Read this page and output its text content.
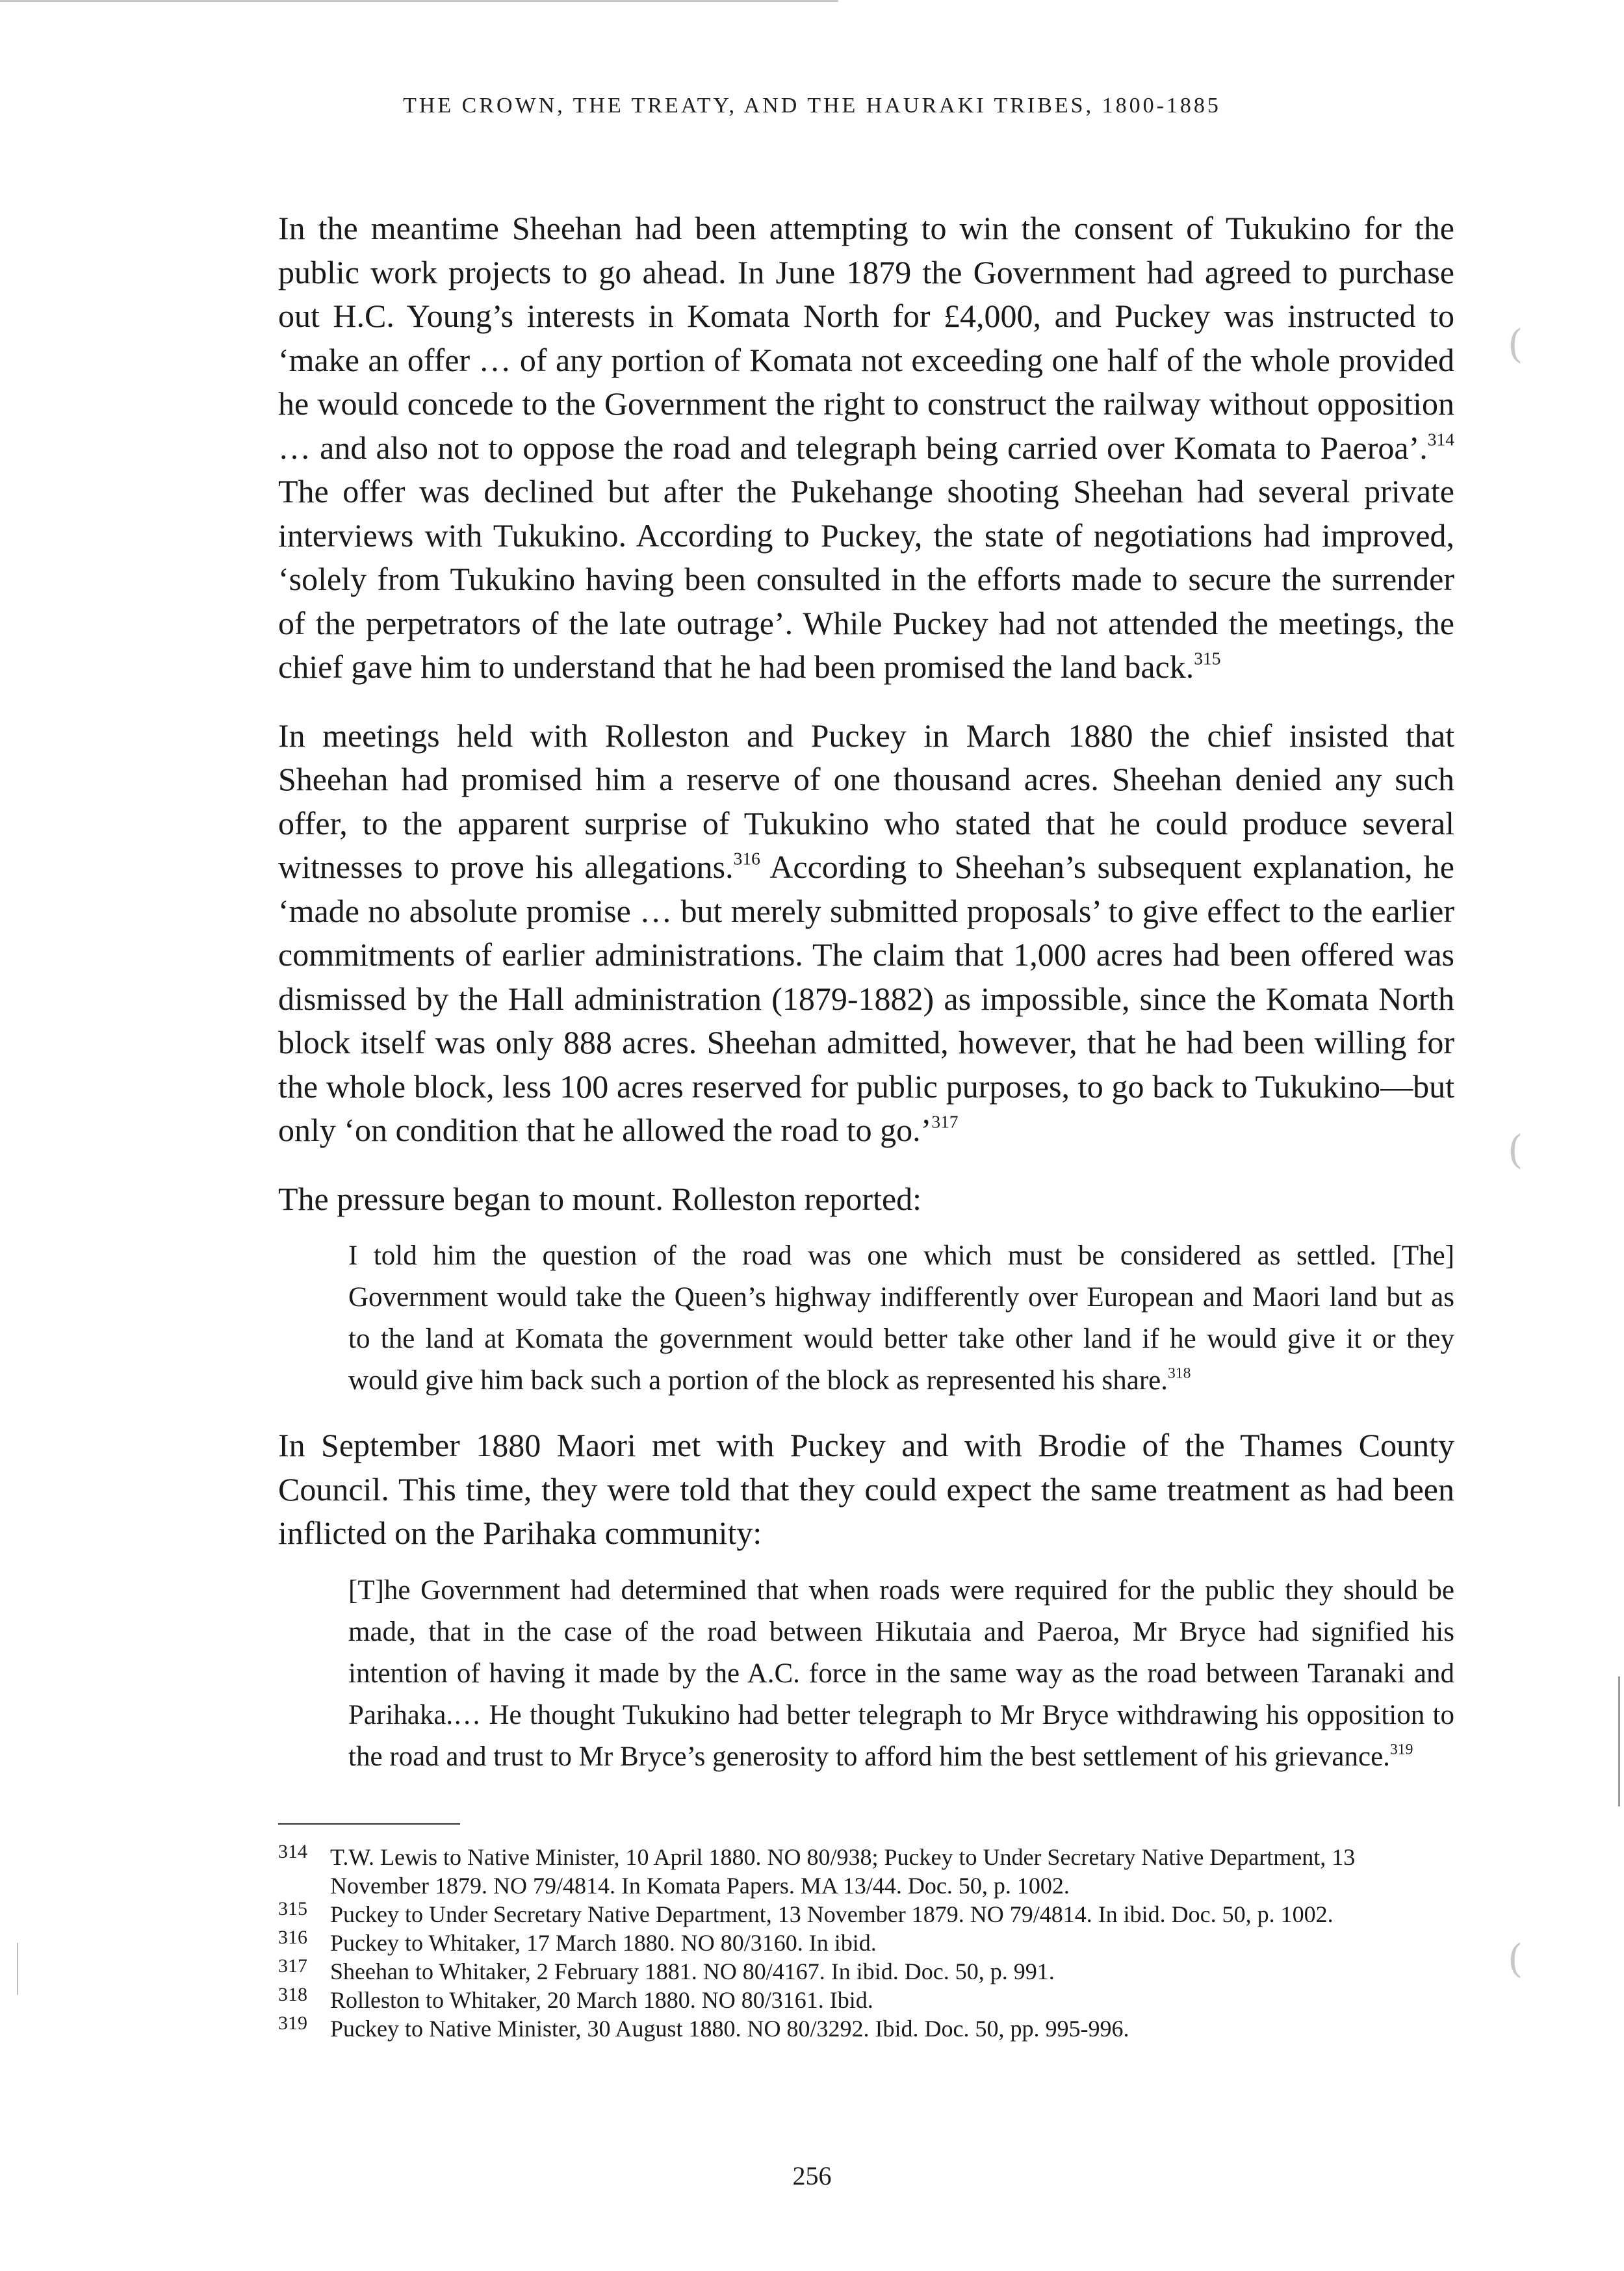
THE CROWN, THE TREATY, AND THE HAURAKI TRIBES, 1800-1885

In the meantime Sheehan had been attempting to win the consent of Tukukino for the public work projects to go ahead. In June 1879 the Government had agreed to purchase out H.C. Young’s interests in Komata North for £4,000, and Puckey was instructed to ‘make an offer … of any portion of Komata not exceeding one half of the whole provided he would concede to the Government the right to construct the railway without opposition … and also not to oppose the road and telegraph being carried over Komata to Paeroa’.$^{314}$ The offer was declined but after the Pukehange shooting Sheehan had several private interviews with Tukukino. According to Puckey, the state of negotiations had improved, ‘solely from Tukukino having been consulted in the efforts made to secure the surrender of the perpetrators of the late outrage’. While Puckey had not attended the meetings, the chief gave him to understand that he had been promised the land back.$^{315}$

In meetings held with Rolleston and Puckey in March 1880 the chief insisted that Sheehan had promised him a reserve of one thousand acres. Sheehan denied any such offer, to the apparent surprise of Tukukino who stated that he could produce several witnesses to prove his allegations.$^{316}$ According to Sheehan’s subsequent explanation, he ‘made no absolute promise … but merely submitted proposals’ to give effect to the earlier commitments of earlier administrations. The claim that 1,000 acres had been offered was dismissed by the Hall administration (1879-1882) as impossible, since the Komata North block itself was only 888 acres. Sheehan admitted, however, that he had been willing for the whole block, less 100 acres reserved for public purposes, to go back to Tukukino—but only ‘on condition that he allowed the road to go.’$^{317}$

The pressure began to mount. Rolleston reported:

I told him the question of the road was one which must be considered as settled. [The] Government would take the Queen’s highway indifferently over European and Maori land but as to the land at Komata the government would better take other land if he would give it or they would give him back such a portion of the block as represented his share.$^{318}$

In September 1880 Maori met with Puckey and with Brodie of the Thames County Council. This time, they were told that they could expect the same treatment as had been inflicted on the Parihaka community:

[T]he Government had determined that when roads were required for the public they should be made, that in the case of the road between Hikutaia and Paeroa, Mr Bryce had signified his intention of having it made by the A.C. force in the same way as the road between Taranaki and Parihaka.… He thought Tukukino had better telegraph to Mr Bryce withdrawing his opposition to the road and trust to Mr Bryce’s generosity to afford him the best settlement of his grievance.$^{319}$
314 T.W. Lewis to Native Minister, 10 April 1880. NO 80/938; Puckey to Under Secretary Native Department, 13 November 1879. NO 79/4814. In Komata Papers. MA 13/44. Doc. 50, p. 1002.
315 Puckey to Under Secretary Native Department, 13 November 1879. NO 79/4814. In ibid. Doc. 50, p. 1002.
316 Puckey to Whitaker, 17 March 1880. NO 80/3160. In ibid.
317 Sheehan to Whitaker, 2 February 1881. NO 80/4167. In ibid. Doc. 50, p. 991.
318 Rolleston to Whitaker, 20 March 1880. NO 80/3161. Ibid.
319 Puckey to Native Minister, 30 August 1880. NO 80/3292. Ibid. Doc. 50, pp. 995-996.
256
(
(
(
